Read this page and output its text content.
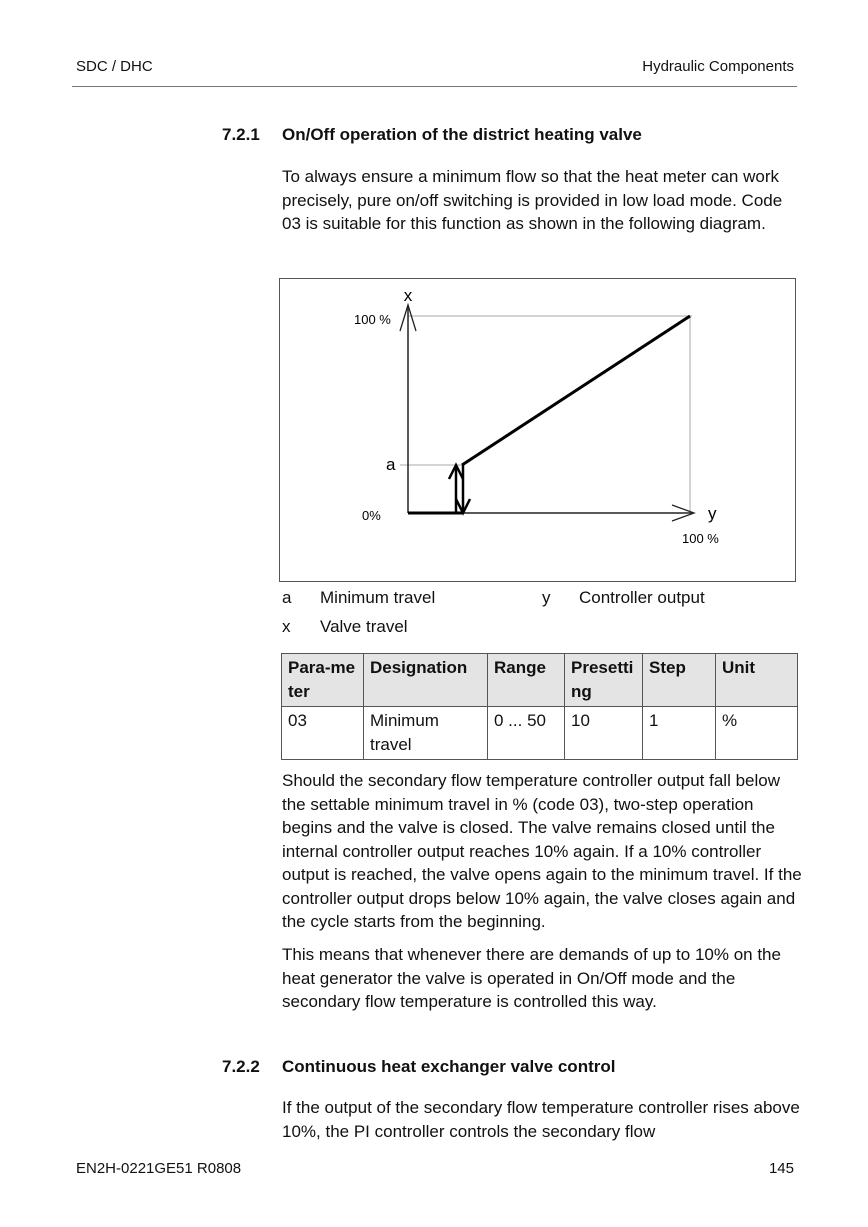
SDC / DHC	Hydraulic Components
7.2.1 On/Off operation of the district heating valve

To always ensure a minimum flow so that the heat meter can work precisely, pure on/off switching is provided in low load mode. Code 03 is suitable for this function as shown in the following diagram.

x
100 %
a
0%	y
100 %
a Minimum travel	y Controller output
x Valve travel
Para-meter	Designation	Range	Presetting	Step	Unit
03	Minimum travel	0 ... 50	10	1	%

Should the secondary flow temperature controller output fall below the settable minimum travel in % (code 03), two-step operation begins and the valve is closed. The valve remains closed until the internal controller output reaches 10% again. If a 10% controller output is reached, the valve opens again to the minimum travel. If the controller output drops below 10% again, the valve closes again and the cycle starts from the beginning.

This means that whenever there are demands of up to 10% on the heat generator the valve is operated in On/Off mode and the secondary flow temperature is controlled this way.

7.2.2 Continuous heat exchanger valve control

If the output of the secondary flow temperature controller rises above 10%, the PI controller controls the secondary flow

EN2H-0221GE51 R0808	145
